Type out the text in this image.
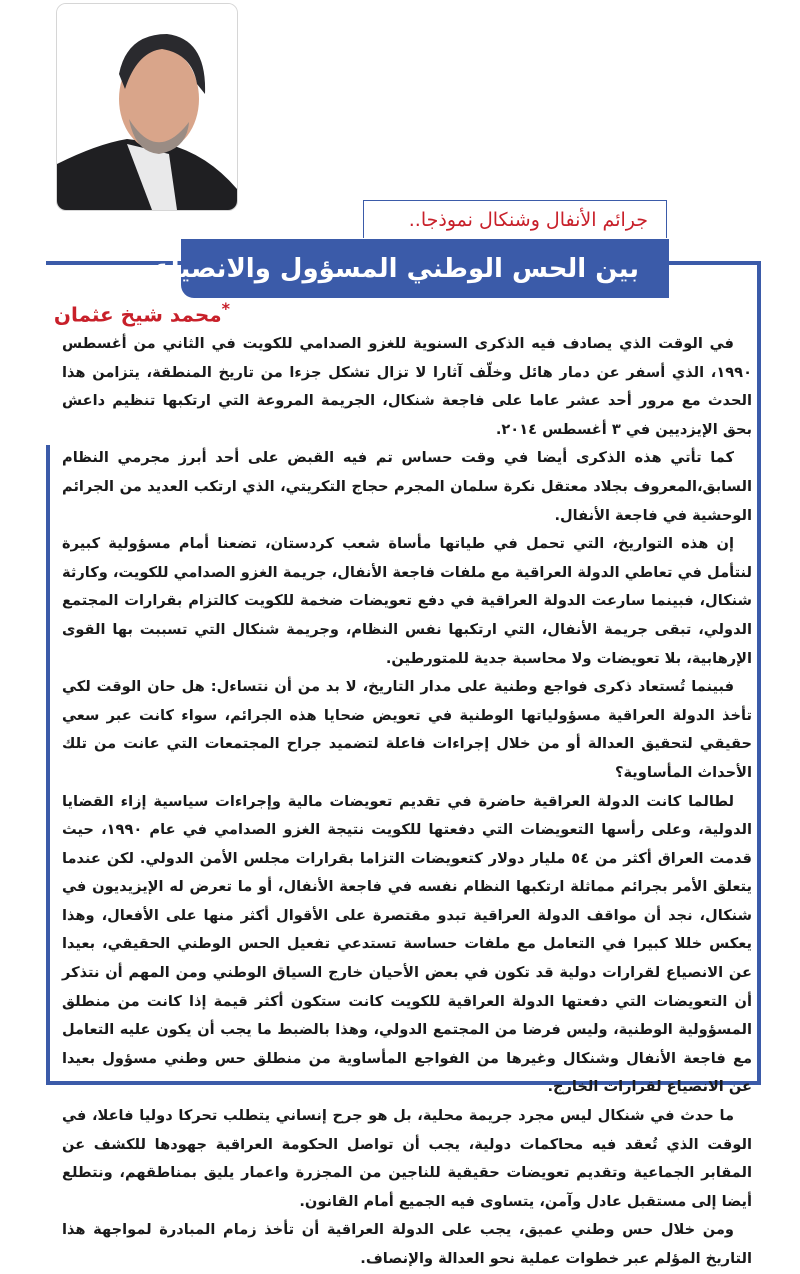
جرائم الأنفال وشنكال نموذجا..
بين الحس الوطني المسؤول والانصياع ..
*محمد شيخ عثمان

في الوقت الذي يصادف فيه الذكرى السنوية للغزو الصدامي للكويت في الثاني من أغسطس ١٩٩٠، الذي أسفر عن دمار هائل وخلّف آثارا لا تزال تشكل جزءا من تاريخ المنطقة، يتزامن هذا الحدث مع مرور أحد عشر عاما على فاجعة شنكال، الجريمة المروعة التي ارتكبها تنظيم داعش بحق الإيزديين في ٣ أغسطس ٢٠١٤.

كما تأتي هذه الذكرى أيضا في وقت حساس تم فيه القبض على أحد أبرز مجرمي النظام السابق،المعروف بجلاد معتقل نكرة سلمان المجرم حجاج التكريتي، الذي ارتكب العديد من الجرائم الوحشية في فاجعة الأنفال.

إن هذه التواريخ، التي تحمل في طياتها مأساة شعب كردستان، تضعنا أمام مسؤولية كبيرة لنتأمل في تعاطي الدولة العراقية مع ملفات فاجعة الأنفال، جريمة الغزو الصدامي للكويت، وكارثة شنكال، فبينما سارعت الدولة العراقية في دفع تعويضات ضخمة للكويت كالتزام بقرارات المجتمع الدولي، تبقى جريمة الأنفال، التي ارتكبها نفس النظام، وجريمة شنكال التي تسببت بها القوى الإرهابية، بلا تعويضات ولا محاسبة جدية للمتورطين.

فبينما تُستعاد ذكرى فواجع وطنية على مدار التاريخ، لا بد من أن نتساءل: هل حان الوقت لكي تأخذ الدولة العراقية مسؤولياتها الوطنية في تعويض ضحايا هذه الجرائم، سواء كانت عبر سعي حقيقي لتحقيق العدالة أو من خلال إجراءات فاعلة لتضميد جراح المجتمعات التي عانت من تلك الأحداث المأساوية؟

لطالما كانت الدولة العراقية حاضرة في تقديم تعويضات مالية وإجراءات سياسية إزاء القضايا الدولية، وعلى رأسها التعويضات التي دفعتها للكويت نتيجة الغزو الصدامي في عام ١٩٩٠، حيث قدمت العراق أكثر من ٥٤ مليار دولار كتعويضات التزاما بقرارات مجلس الأمن الدولي. لكن عندما يتعلق الأمر بجرائم مماثلة ارتكبها النظام نفسه في فاجعة الأنفال، أو ما تعرض له الإيزيديون في شنكال، نجد أن مواقف الدولة العراقية تبدو مقتصرة على الأقوال أكثر منها على الأفعال، وهذا يعكس خللا كبيرا في التعامل مع ملفات حساسة تستدعي تفعيل الحس الوطني الحقيقي، بعيدا عن الانصياع لقرارات دولية قد تكون في بعض الأحيان خارج السياق الوطني ومن المهم أن نتذكر أن التعويضات التي دفعتها الدولة العراقية للكويت كانت ستكون أكثر قيمة إذا كانت من منطلق المسؤولية الوطنية، وليس فرضا من المجتمع الدولي، وهذا بالضبط ما يجب أن يكون عليه التعامل مع فاجعة الأنفال وشنكال وغيرها من الفواجع المأساوية من منطلق حس وطني مسؤول بعيدا عن الانصياع لقرارات الخارج.

ما حدث في شنكال ليس مجرد جريمة محلية، بل هو جرح إنساني يتطلب تحركا دوليا فاعلا، في الوقت الذي تُعقد فيه محاكمات دولية، يجب أن تواصل الحكومة العراقية جهودها للكشف عن المقابر الجماعية وتقديم تعويضات حقيقية للناجين من المجزرة واعمار يليق بمناطقهم، ونتطلع أيضا إلى مستقبل عادل وآمن، يتساوى فيه الجميع أمام القانون.

ومن خلال حس وطني عميق، يجب على الدولة العراقية أن تأخذ زمام المبادرة لمواجهة هذا التاريخ المؤلم عبر خطوات عملية نحو العدالة والإنصاف.
